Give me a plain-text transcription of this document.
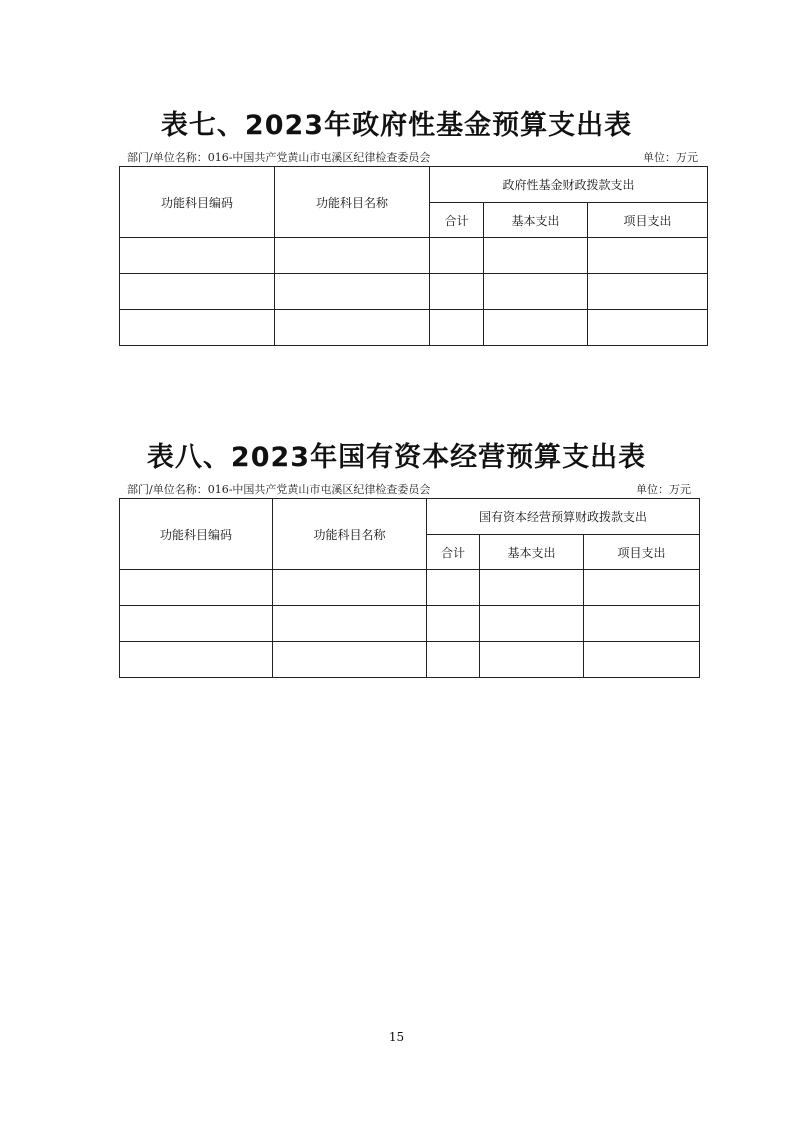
表七、2023年政府性基金预算支出表
部门/单位名称：016-中国共产党黄山市屯溪区纪律检查委员会	单位：万元
功能科目编码	功能科目名称	政府性基金财政拨款支出		
		合计	基本支出	项目支出

表八、2023年国有资本经营预算支出表
部门/单位名称：016-中国共产党黄山市屯溪区纪律检查委员会	单位：万元
功能科目编码	功能科目名称	国有资本经营预算财政拨款支出		
		合计	基本支出	项目支出

15
